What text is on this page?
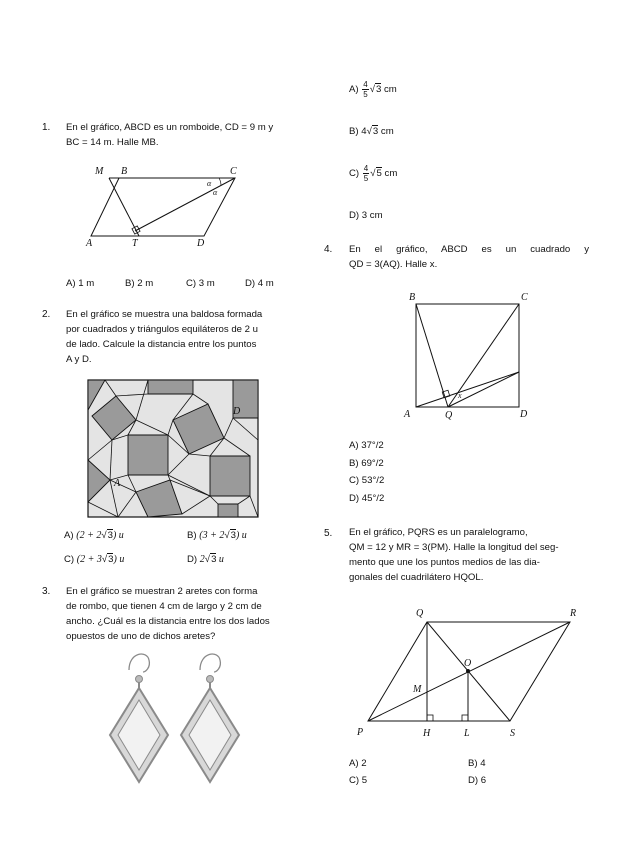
1. En el gráfico, ABCD es un romboide, CD = 9 m y
BC = 14 m. Halle MB.
M B	C
A	T	D
α
α
A) 1 m	B) 2 m	C) 3 m	D) 4 m
2. En el gráfico se muestra una baldosa formada
por cuadrados y triángulos equiláteros de 2 u
de lado. Calcule la distancia entre los puntos
A y D.
D
A
A) (2 + 2√3) u	B) (3 + 2√3) u
C) (2 + 3√3) u	D) 2√3 u
3. En el gráfico se muestran 2 aretes con forma
de rombo, que tienen 4 cm de largo y 2 cm de
ancho. ¿Cuál es la distancia entre los dos lados
opuestos de uno de dichos aretes?
$A) \frac{4}{5} √3$ cm
B) 4√3 cm
$C) \frac{4}{5} √5$ cm
D) 3 cm
4. En el gráfico, ABCD es un cuadrado y
QD = 3(AQ). Halle x.
B	C
A	Q	D
x
A) 37°/2
B) 69°/2
C) 53°/2
D) 45°/2
5. En el gráfico, PQRS es un paralelogramo,
QM = 12 y MR = 3(PM). Halle la longitud del seg-
mento que une los puntos medios de las dia-
gonales del cuadrilátero HQOL.
Q	R
O
M
P	H	L	S
A) 2	B) 4
C) 5	D) 6
